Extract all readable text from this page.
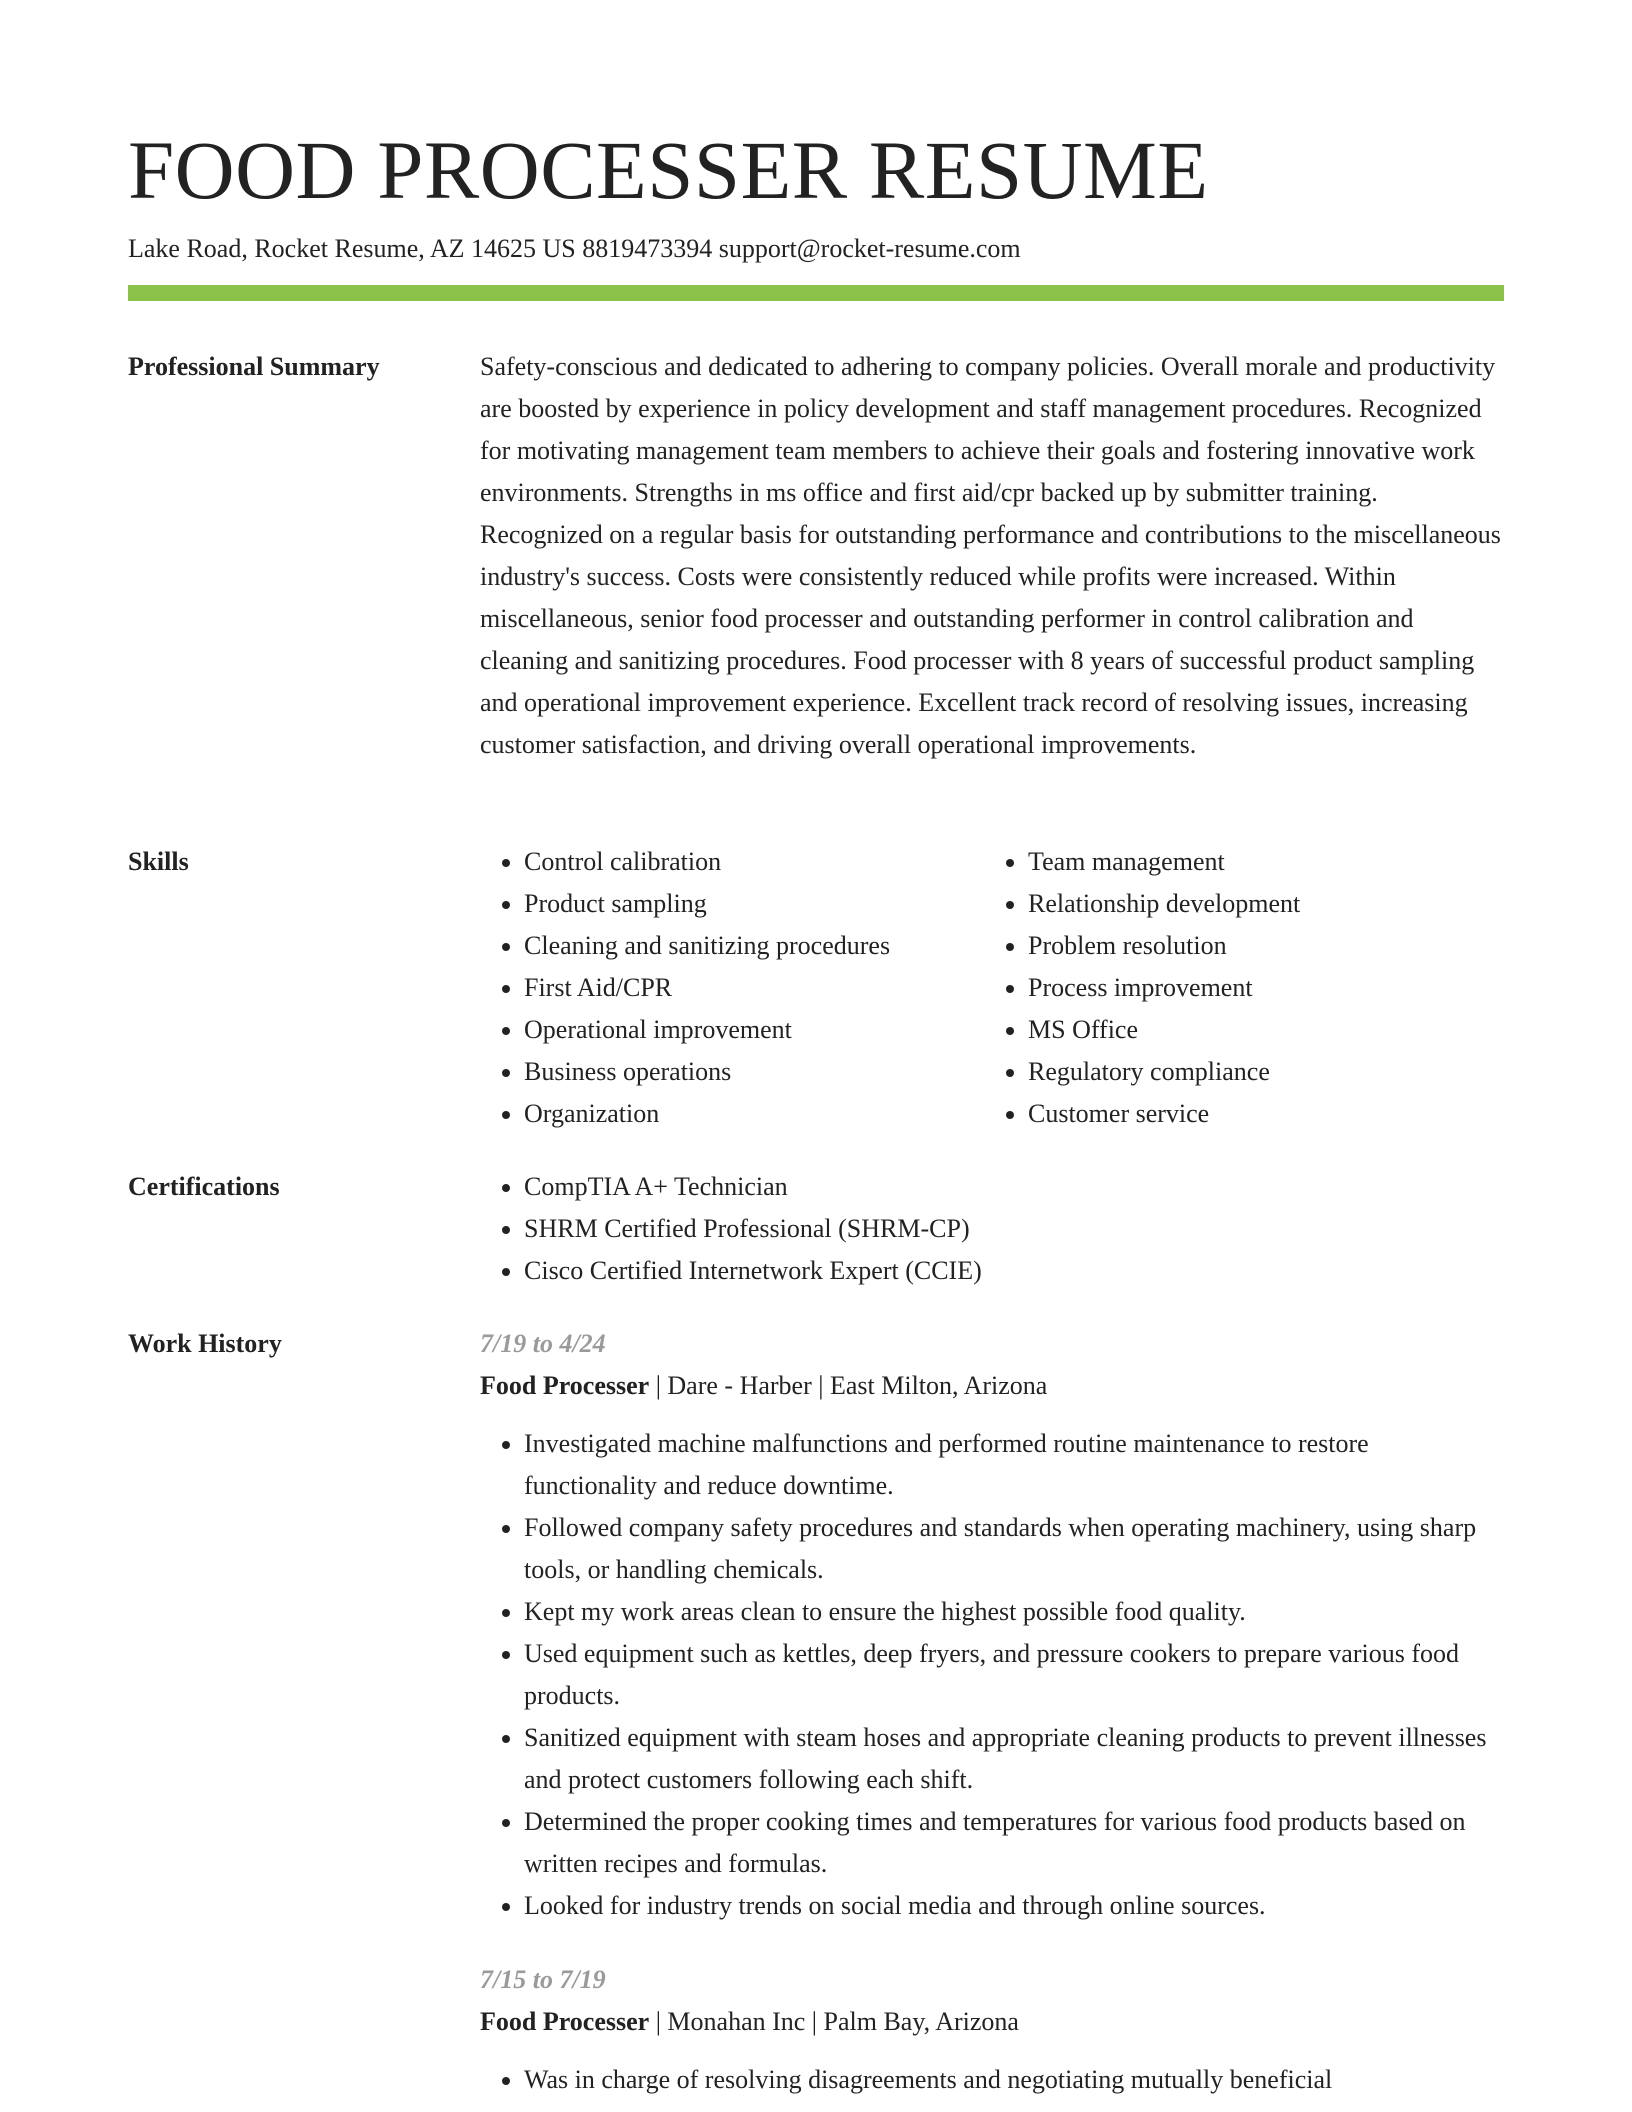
FOOD PROCESSER RESUME
Lake Road, Rocket Resume, AZ 14625 US 8819473394 support@rocket-resume.com
Professional Summary	Safety-conscious and dedicated to adhering to company policies. Overall morale and productivity are boosted by experience in policy development and staff management procedures. Recognized for motivating management team members to achieve their goals and fostering innovative work environments. Strengths in ms office and first aid/cpr backed up by submitter training. Recognized on a regular basis for outstanding performance and contributions to the miscellaneous industry's success. Costs were consistently reduced while profits were increased. Within miscellaneous, senior food processer and outstanding performer in control calibration and cleaning and sanitizing procedures. Food processer with 8 years of successful product sampling and operational improvement experience. Excellent track record of resolving issues, increasing customer satisfaction, and driving overall operational improvements.

Skills	• Control calibration
• Product sampling
• Cleaning and sanitizing procedures
• First Aid/CPR
• Operational improvement
• Business operations
• Organization
• Team management
• Relationship development
• Problem resolution
• Process improvement
• MS Office
• Regulatory compliance
• Customer service
Certifications	• CompTIA A+ Technician
• SHRM Certified Professional (SHRM-CP)
• Cisco Certified Internetwork Expert (CCIE)
Work History	7/19 to 4/24
Food Processer | Dare - Harber | East Milton, Arizona
• Investigated machine malfunctions and performed routine maintenance to restore functionality and reduce downtime.
• Followed company safety procedures and standards when operating machinery, using sharp tools, or handling chemicals.
• Kept my work areas clean to ensure the highest possible food quality.
• Used equipment such as kettles, deep fryers, and pressure cookers to prepare various food products.
• Sanitized equipment with steam hoses and appropriate cleaning products to prevent illnesses and protect customers following each shift.
• Determined the proper cooking times and temperatures for various food products based on written recipes and formulas.
• Looked for industry trends on social media and through online sources.
7/15 to 7/19
Food Processer | Monahan Inc | Palm Bay, Arizona
• Was in charge of resolving disagreements and negotiating mutually beneficial
